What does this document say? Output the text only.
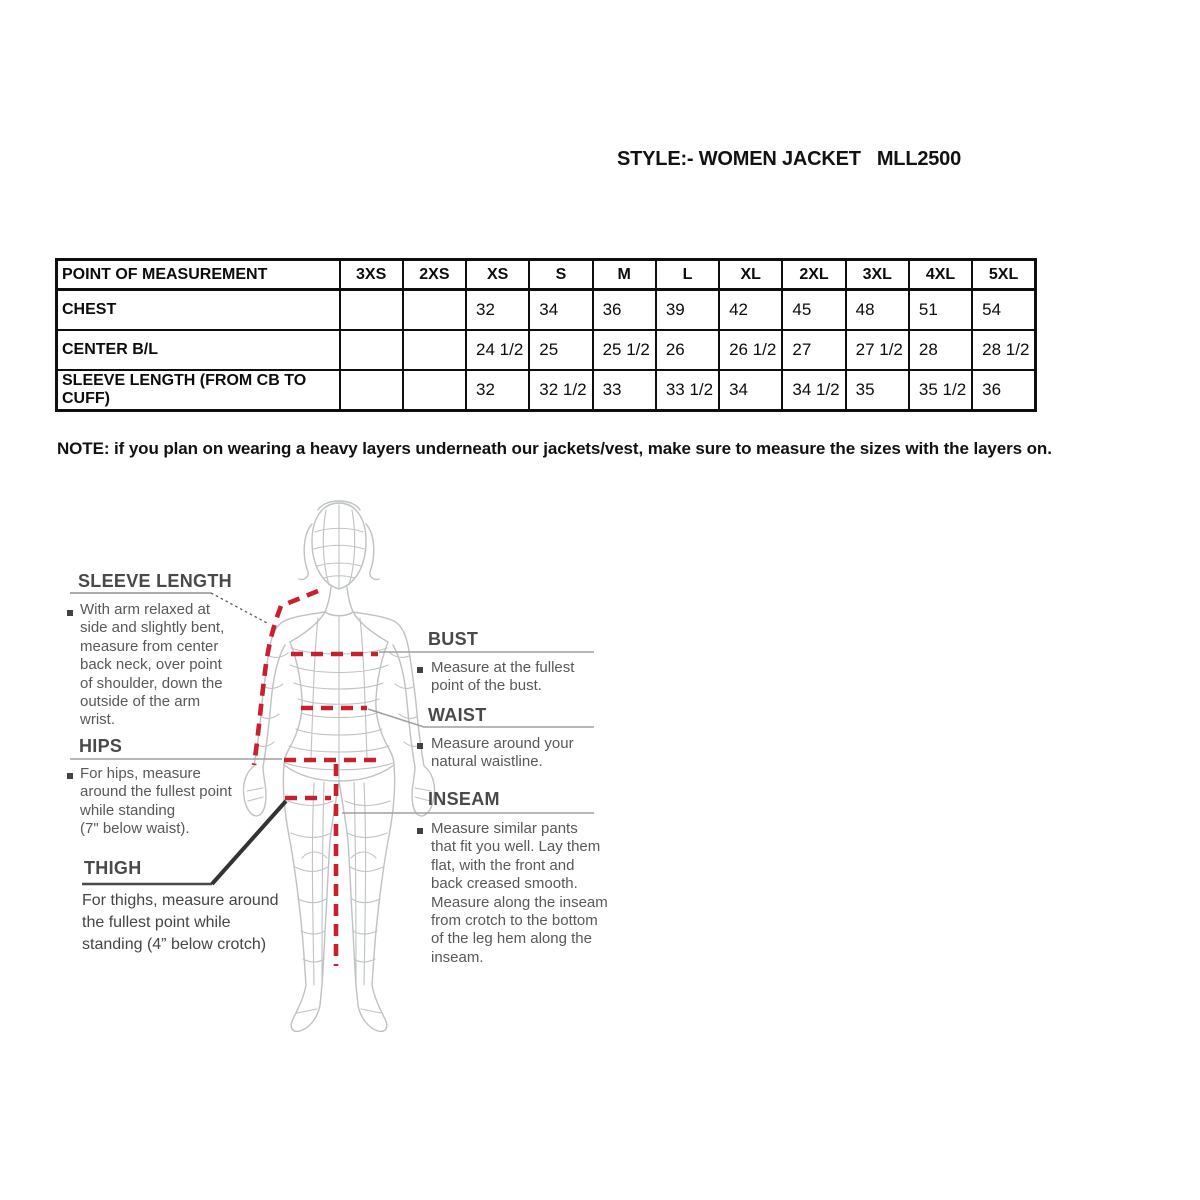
STYLE:- WOMEN JACKET   MLL2500
POINT OF MEASUREMENT	3XS	2XS	XS	S	M	L	XL	2XL	3XL	4XL	5XL
CHEST			32	34	36	39	42	45	48	51	54
CENTER B/L			24 1/2	25	25 1/2	26	26 1/2	27	27 1/2	28	28 1/2
SLEEVE LENGTH (FROM CB TO CUFF)			32	32 1/2	33	33 1/2	34	34 1/2	35	35 1/2	36
NOTE: if you plan on wearing a heavy layers underneath our jackets/vest, make sure to measure the sizes with the layers on.
SLEEVE LENGTH
With arm relaxed at
side and slightly bent,
measure from center
back neck, over point
of shoulder, down the
outside of the arm
wrist.
HIPS
For hips, measure
around the fullest point
while standing
(7" below waist).
THIGH
For thighs, measure around
the fullest point while
standing (4” below crotch)
BUST
Measure at the fullest
point of the bust.
WAIST
Measure around your
natural waistline.
INSEAM
Measure similar pants
that fit you well. Lay them
flat, with the front and
back creased smooth.
Measure along the inseam
from crotch to the bottom
of the leg hem along the
inseam.
